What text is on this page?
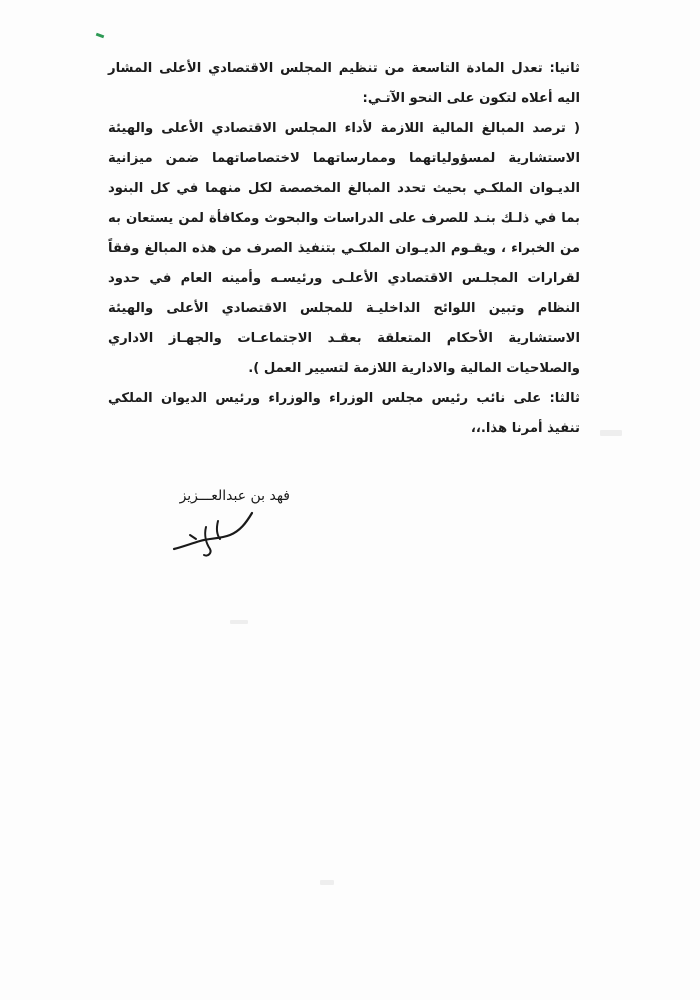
ثانيا: تعدل المادة التاسعة من تنظيم المجلس الاقتصادي الأعلى المشار اليه أعلاه لتكون على النحو الآتـي:

( ترصد المبالغ المالية اللازمة لأداء المجلس الاقتصادي الأعلى والهيئة الاستشارية لمسؤولياتهما وممارساتهما لاختصاصاتهما ضمن ميزانية الديـوان الملكـي بحيث تحدد المبالغ المخصصة لكل منهما في كل البنود بما في ذلـك بنـد للصرف على الدراسات والبحوث ومكافأة لمن يستعان به من الخبراء ، ويقـوم الديـوان الملكـي بتنفيذ الصرف من هذه المبالغ وفقاً لقرارات المجلـس الاقتصادي الأعلـى ورئيسـه وأمينه العام في حدود النظام وتبين اللوائح الداخليـة للمجلس الاقتصادي الأعلى والهيئة الاستشارية الأحكام المتعلقة بعقـد الاجتماعـات والجهـاز الاداري والصلاحيات المالية والادارية اللازمة لتسيير العمل ).

ثالثا: على نائب رئيس مجلس الوزراء والوزراء ورئيس الديوان الملكي تنفيذ أمرنا هذا.،،

فهد بن عبدالعـــزيز
